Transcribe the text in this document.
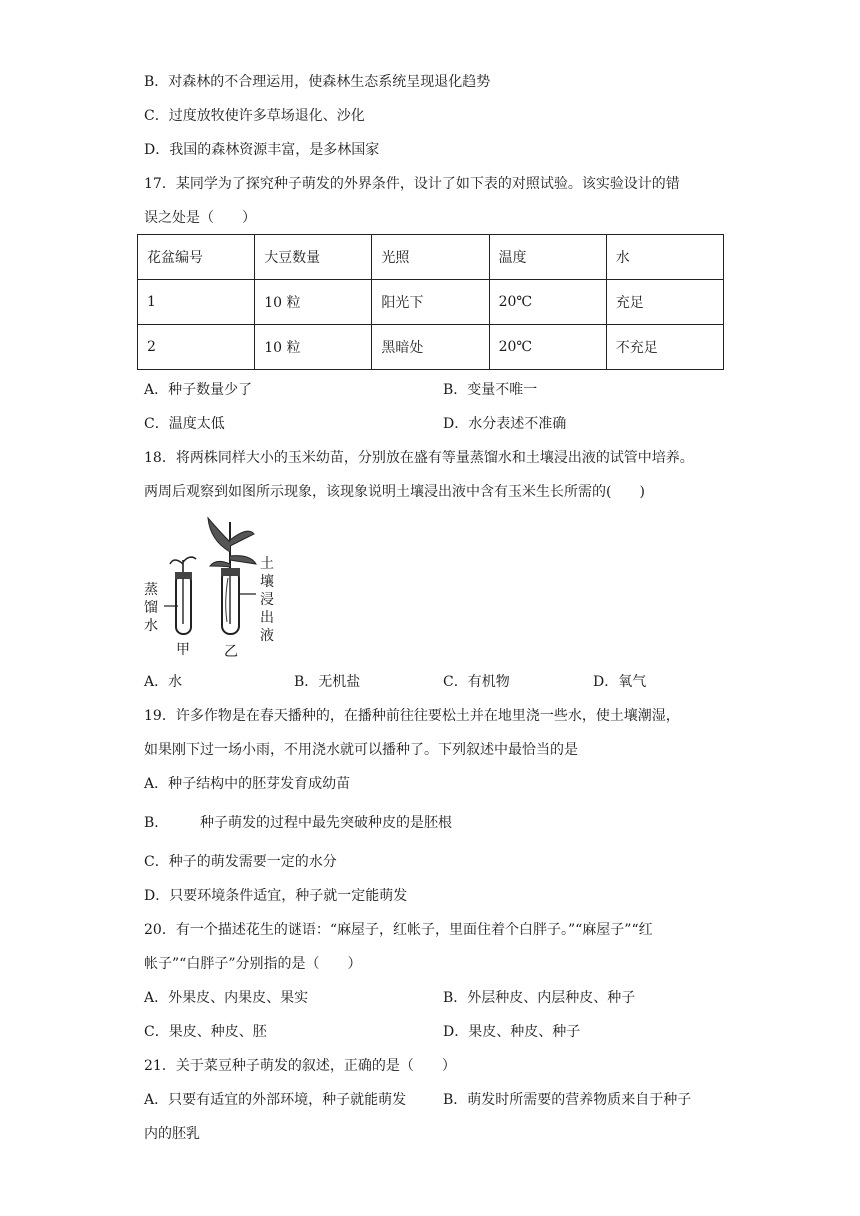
B．对森林的不合理运用，使森林生态系统呈现退化趋势
C．过度放牧使许多草场退化、沙化
D．我国的森林资源丰富，是多林国家
17．某同学为了探究种子萌发的外界条件，设计了如下表的对照试验。该实验设计的错
误之处是（　　）
花盆编号	大豆数量	光照	温度	水
1	10 粒	阳光下	20℃	充足
2	10 粒	黑暗处	20℃	不充足
A．种子数量少了	B．变量不唯一
C．温度太低	D．水分表述不准确
18．将两株同样大小的玉米幼苗，分别放在盛有等量蒸馏水和土壤浸出液的试管中培养。
两周后观察到如图所示现象，该现象说明土壤浸出液中含有玉米生长所需的(　　)
蒸
馏
水
土
壤
浸
出
液
甲 乙
A．水	B．无机盐	C．有机物	D．氧气
19．许多作物是在春天播种的，在播种前往往要松土并在地里浇一些水，使土壤潮湿，
如果刚下过一场小雨，不用浇水就可以播种了。下列叙述中最恰当的是
A．种子结构中的胚芽发育成幼苗
B． 种子萌发的过程中最先突破种皮的是胚根
C．种子的萌发需要一定的水分
D．只要环境条件适宜，种子就一定能萌发
20．有一个描述花生的谜语：“麻屋子，红帐子，里面住着个白胖子。”“麻屋子”“红
帐子”“白胖子”分别指的是（　　）
A．外果皮、内果皮、果实	B．外层种皮、内层种皮、种子
C．果皮、种皮、胚	D．果皮、种皮、种子
21．关于菜豆种子萌发的叙述，正确的是（　　）
A．只要有适宜的外部环境，种子就能萌发	B．萌发时所需要的营养物质来自于种子
内的胚乳
